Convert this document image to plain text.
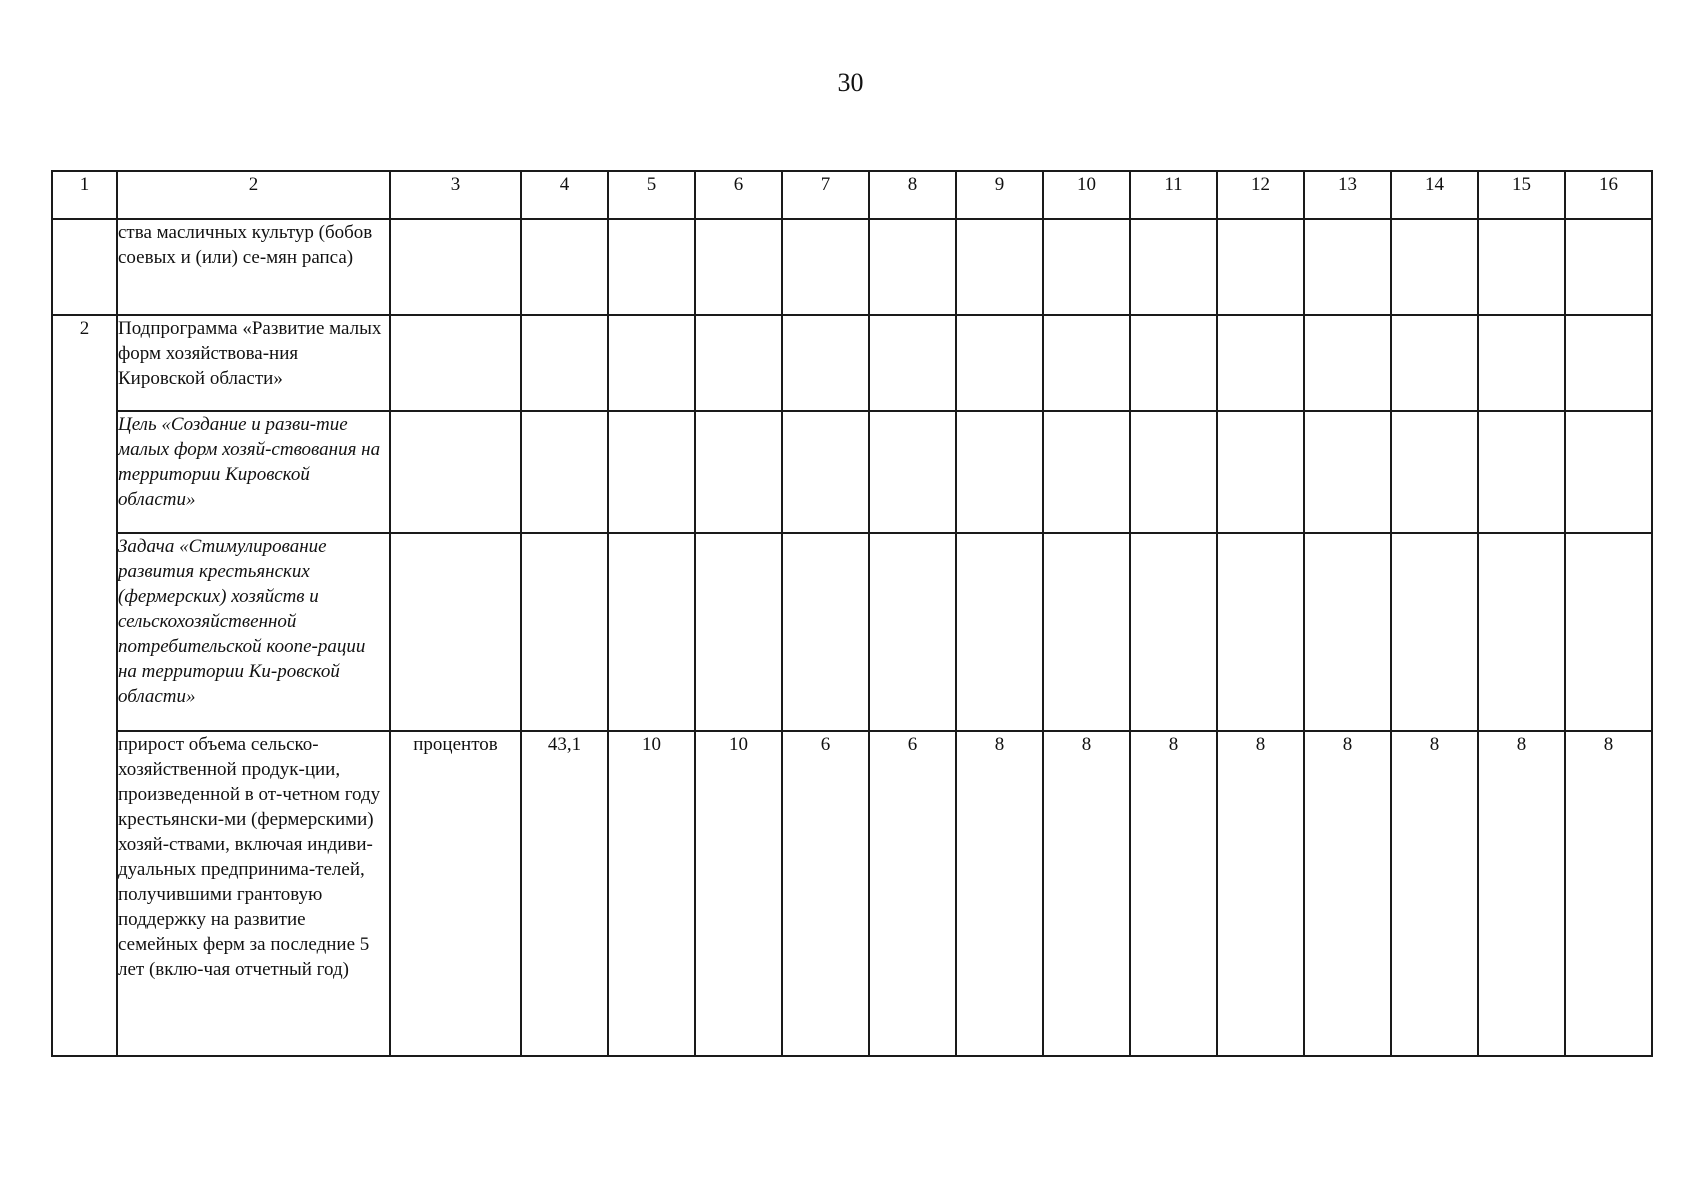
30
1	2	3	4	5	6	7	8	9	10	11	12	13	14	15	16
	ства масличных культур (бобов соевых и (или) се-мян рапса)														
2	Подпрограмма «Развитие малых форм хозяйствова-ния Кировской области»														
	Цель «Создание и разви-тие малых форм хозяй-ствования на территории Кировской области»														
	Задача «Стимулирование развития крестьянских (фермерских) хозяйств и сельскохозяйственной потребительской коопе-рации на территории Ки-ровской области»														
	прирост объема сельско-хозяйственной продук-ции, произведенной в от-четном году крестьянски-ми (фермерскими) хозяй-ствами, включая индиви-дуальных предпринима-телей, получившими грантовую поддержку на развитие семейных ферм за последние 5 лет (вклю-чая отчетный год)	процентов	43,1	10	10	6	6	8	8	8	8	8	8	8	8
